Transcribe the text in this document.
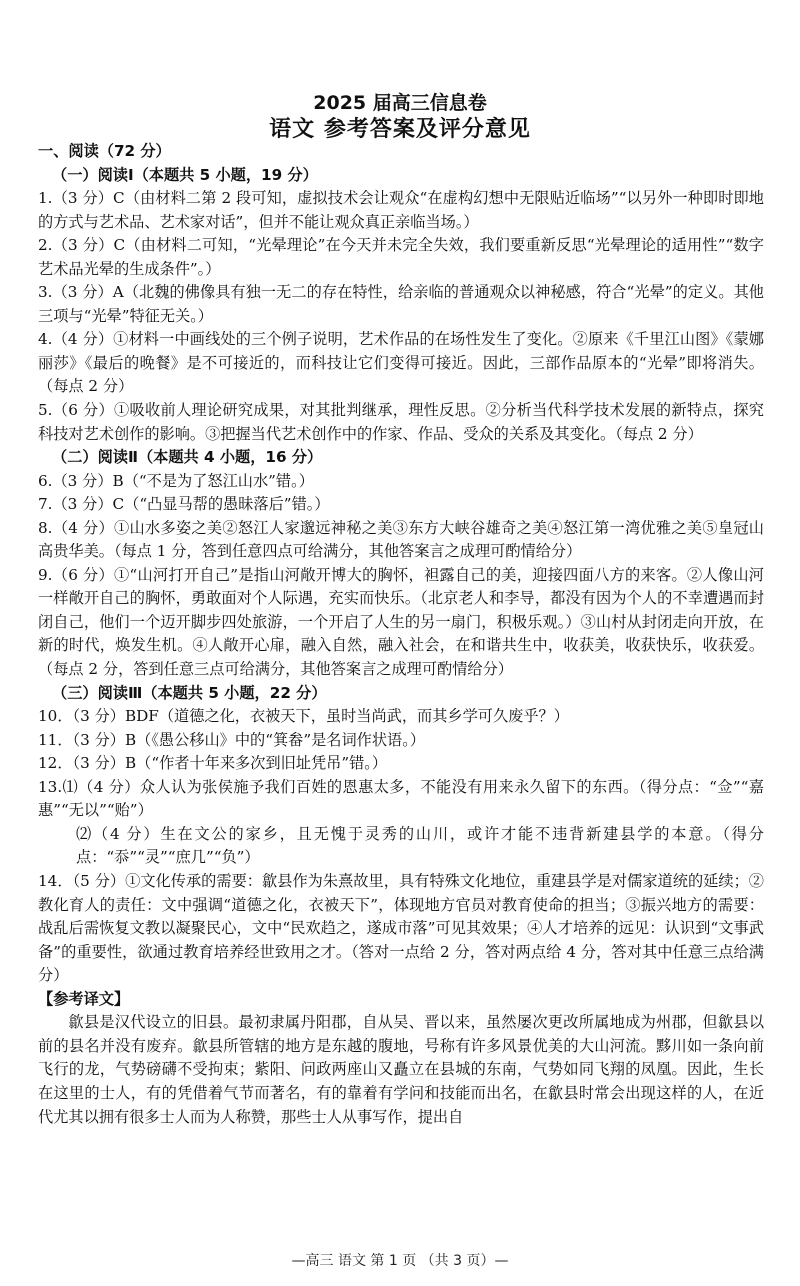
2025 届高三信息卷
语文 参考答案及评分意见

一、阅读（72 分）

（一）阅读Ⅰ（本题共 5 小题，19 分）

1.（3 分）C（由材料二第 2 段可知，虚拟技术会让观众“在虚构幻想中无限贴近临场”“以另外一种即时即地的方式与艺术品、艺术家对话”，但并不能让观众真正亲临当场。）

2.（3 分）C（由材料二可知，“光晕理论”在今天并未完全失效，我们要重新反思“光晕理论的适用性”“数字艺术品光晕的生成条件”。）

3.（3 分）A（北魏的佛像具有独一无二的存在特性，给亲临的普通观众以神秘感，符合“光晕”的定义。其他三项与“光晕”特征无关。）

4.（4 分）①材料一中画线处的三个例子说明，艺术作品的在场性发生了变化。②原来《千里江山图》《蒙娜丽莎》《最后的晚餐》是不可接近的，而科技让它们变得可接近。因此，三部作品原本的“光晕”即将消失。（每点 2 分）

5.（6 分）①吸收前人理论研究成果，对其批判继承，理性反思。②分析当代科学技术发展的新特点，探究科技对艺术创作的影响。③把握当代艺术创作中的作家、作品、受众的关系及其变化。（每点 2 分）

（二）阅读Ⅱ（本题共 4 小题，16 分）

6.（3 分）B（“不是为了怒江山水”错。）

7.（3 分）C（“凸显马帮的愚昧落后”错。）

8.（4 分）①山水多姿之美②怒江人家邈远神秘之美③东方大峡谷雄奇之美④怒江第一湾优雅之美⑤皇冠山高贵华美。（每点 1 分，答到任意四点可给满分，其他答案言之成理可酌情给分）

9.（6 分）①“山河打开自己”是指山河敞开博大的胸怀，袒露自己的美，迎接四面八方的来客。②人像山河一样敞开自己的胸怀，勇敢面对个人际遇，充实而快乐。（北京老人和李导，都没有因为个人的不幸遭遇而封闭自己，他们一个迈开脚步四处旅游，一个开启了人生的另一扇门，积极乐观。）③山村从封闭走向开放，在新的时代，焕发生机。④人敞开心扉，融入自然，融入社会，在和谐共生中，收获美，收获快乐，收获爱。（每点 2 分，答到任意三点可给满分，其他答案言之成理可酌情给分）

（三）阅读Ⅲ（本题共 5 小题，22 分）

10．（3 分）BDF（道德之化，衣被天下，虽时当尚武，而其乡学可久废乎？）

11．（3 分）B（《愚公移山》中的“箕畚”是名词作状语。）

12．（3 分）B（“作者十年来多次到旧址凭吊”错。）

13.⑴（4 分）众人认为张侯施予我们百姓的恩惠太多，不能没有用来永久留下的东西。（得分点：“佥”“嘉惠”“无以”“贻”）

⑵（4 分）生在文公的家乡，且无愧于灵秀的山川，或许才能不违背新建县学的本意。（得分点：“忝”“灵”“庶几”“负”）

14．（5 分）①文化传承的需要：歙县作为朱熹故里，具有特殊文化地位，重建县学是对儒家道统的延续；②教化育人的责任：文中强调“道德之化，衣被天下”，体现地方官员对教育使命的担当；③振兴地方的需要：战乱后需恢复文教以凝聚民心，文中“民欢趋之，遂成市落”可见其效果；④人才培养的远见：认识到“文事武备”的重要性，欲通过教育培养经世致用之才。（答对一点给 2 分，答对两点给 4 分，答对其中任意三点给满分）

【参考译文】

歙县是汉代设立的旧县。最初隶属丹阳郡，自从吴、晋以来，虽然屡次更改所属地成为州郡，但歙县以前的县名并没有废弃。歙县所管辖的地方是东越的腹地，号称有许多风景优美的大山河流。黟川如一条向前飞行的龙，气势磅礴不受拘束；紫阳、问政两座山又矗立在县城的东南，气势如同飞翔的凤凰。因此，生长在这里的士人，有的凭借着气节而著名，有的靠着有学问和技能而出名，在歙县时常会出现这样的人，在近代尤其以拥有很多士人而为人称赞，那些士人从事写作，提出自

—高三 语文 第 1 页 （共 3 页）—
